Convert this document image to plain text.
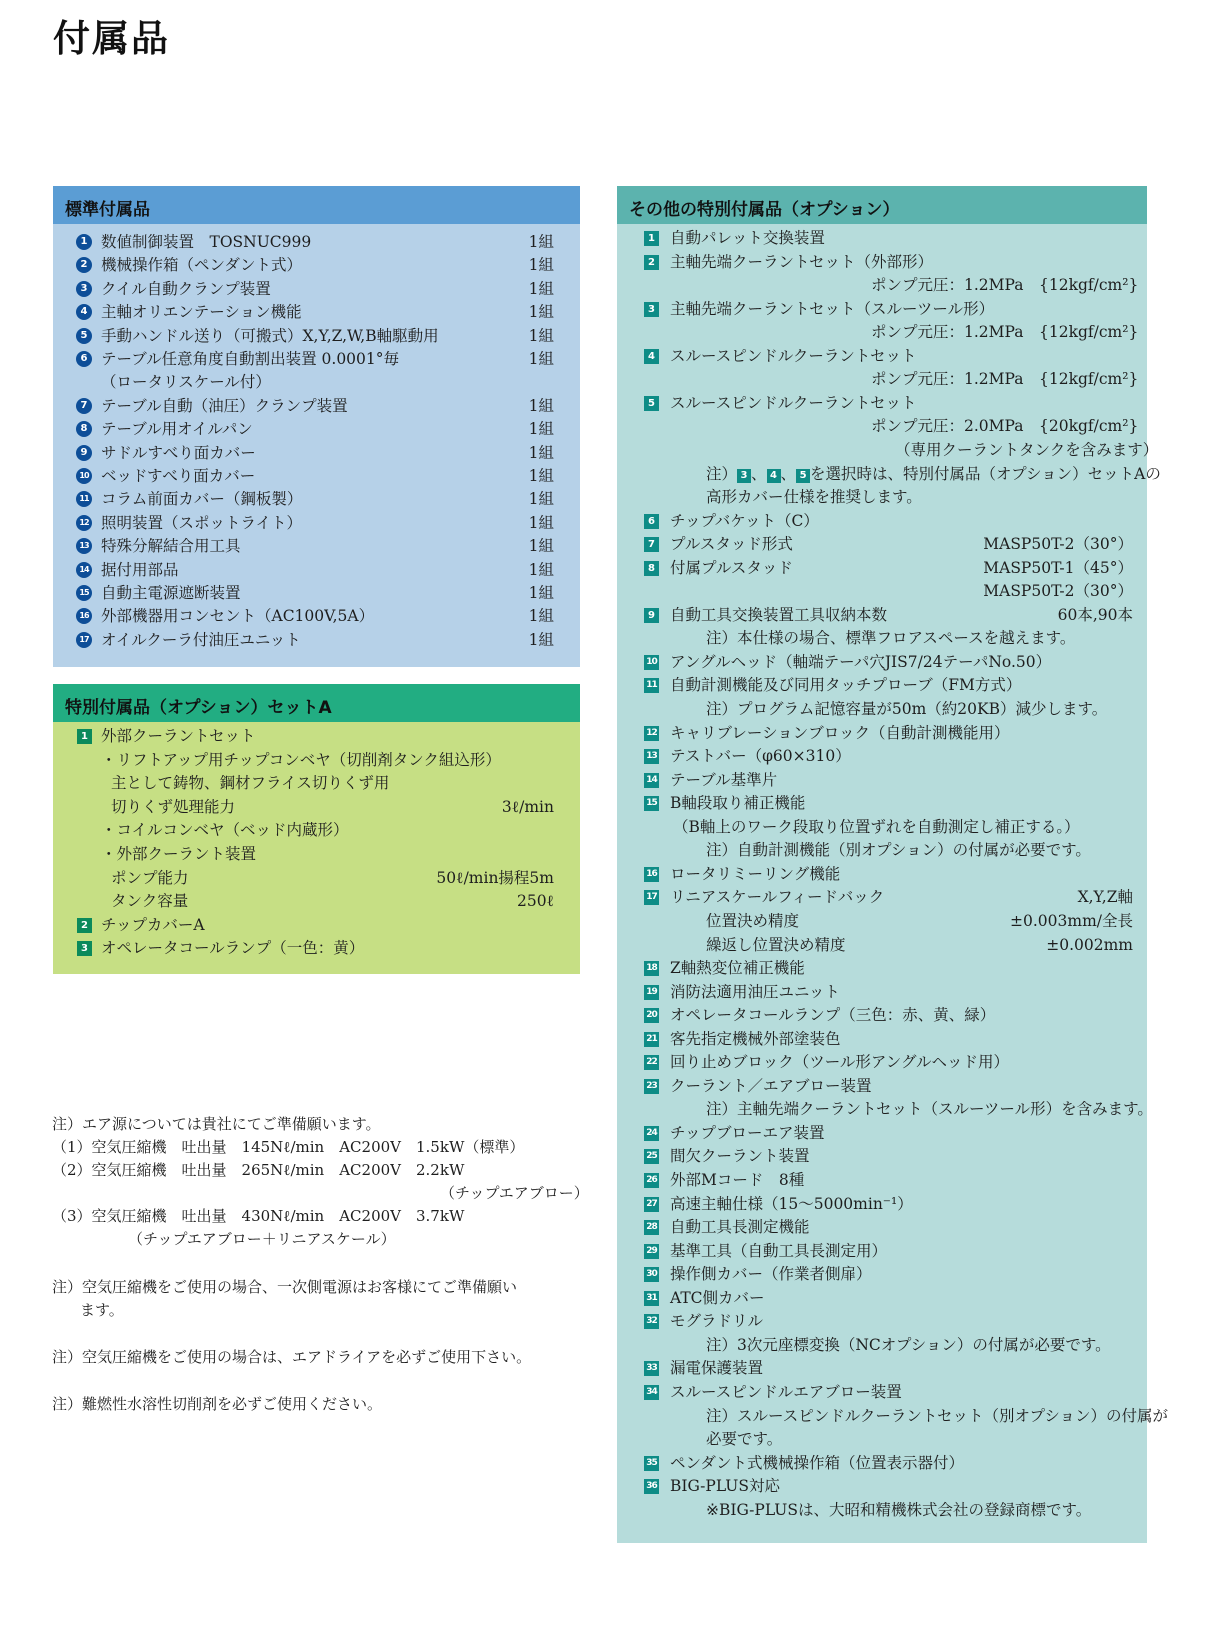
付属品
標準付属品
1 数値制御装置　TOSNUC999	1組
2 機械操作箱（ペンダント式）	1組
3 クイル自動クランプ装置	1組
4 主軸オリエンテーション機能	1組
5 手動ハンドル送り（可搬式）X,Y,Z,W,B軸駆動用	1組
6 テーブル任意角度自動割出装置 0.0001°毎	1組
（ロータリスケール付）
7 テーブル自動（油圧）クランプ装置	1組
8 テーブル用オイルパン	1組
9 サドルすべり面カバー	1組
10 ベッドすべり面カバー	1組
11 コラム前面カバー（鋼板製）	1組
12 照明装置（スポットライト）	1組
13 特殊分解結合用工具	1組
14 据付用部品	1組
15 自動主電源遮断装置	1組
16 外部機器用コンセント（AC100V,5A）	1組
17 オイルクーラ付油圧ユニット	1組
特別付属品（オプション）セットA
1 外部クーラントセット
・リフトアップ用チップコンベヤ（切削剤タンク組込形）
主として鋳物、鋼材フライス切りくず用
切りくず処理能力	3ℓ/min
・コイルコンベヤ（ベッド内蔵形）
・外部クーラント装置
ポンプ能力	50ℓ/min揚程5m
タンク容量	250ℓ
2 チップカバーA
3 オペレータコールランプ（一色：黄）
注）エア源については貴社にてご準備願います。
（1）空気圧縮機　吐出量　145Nℓ/min　AC200V　1.5kW（標準）
（2）空気圧縮機　吐出量　265Nℓ/min　AC200V　2.2kW
（チップエアブロー）
（3）空気圧縮機　吐出量　430Nℓ/min　AC200V　3.7kW
（チップエアブロー＋リニアスケール）
注）空気圧縮機をご使用の場合、一次側電源はお客様にてご準備願い
ます。
注）空気圧縮機をご使用の場合は、エアドライアを必ずご使用下さい。
注）難燃性水溶性切削剤を必ずご使用ください。
その他の特別付属品（オプション）
1 自動パレット交換装置
2 主軸先端クーラントセット（外部形）
ポンプ元圧：1.2MPa　{12kgf/cm²}
3 主軸先端クーラントセット（スルーツール形）
ポンプ元圧：1.2MPa　{12kgf/cm²}
4 スルースピンドルクーラントセット
ポンプ元圧：1.2MPa　{12kgf/cm²}
5 スルースピンドルクーラントセット
ポンプ元圧：2.0MPa　{20kgf/cm²}
（専用クーラントタンクを含みます）
注） 3 、 4 、 5 を選択時は、特別付属品（オプション）セットAの
高形カバー仕様を推奨します。
6 チップバケット（C）
7 プルスタッド形式	MASP50T-2（30°）
8 付属プルスタッド	MASP50T-1（45°）
MASP50T-2（30°）
9 自動工具交換装置工具収納本数	60本,90本
注）本仕様の場合、標準フロアスペースを越えます。
10 アングルヘッド（軸端テーパ穴JIS7/24テーパNo.50）
11 自動計測機能及び同用タッチプローブ（FM方式）
注）プログラム記憶容量が50m（約20KB）減少します。
12 キャリブレーションブロック（自動計測機能用）
13 テストバー（φ60×310）
14 テーブル基準片
15 B軸段取り補正機能
（B軸上のワーク段取り位置ずれを自動測定し補正する。）
注）自動計測機能（別オプション）の付属が必要です。
16 ロータリミーリング機能
17 リニアスケールフィードバック	X,Y,Z軸
位置決め精度	±0.003mm/全長
繰返し位置決め精度	±0.002mm
18 Z軸熱変位補正機能
19 消防法適用油圧ユニット
20 オペレータコールランプ（三色：赤、黄、緑）
21 客先指定機械外部塗装色
22 回り止めブロック（ツール形アングルヘッド用）
23 クーラント／エアブロー装置
注）主軸先端クーラントセット（スルーツール形）を含みます。
24 チップブローエア装置
25 間欠クーラント装置
26 外部Mコード　8種
27 高速主軸仕様（15〜5000min⁻¹）
28 自動工具長測定機能
29 基準工具（自動工具長測定用）
30 操作側カバー（作業者側扉）
31 ATC側カバー
32 モグラドリル
注）3次元座標変換（NCオプション）の付属が必要です。
33 漏電保護装置
34 スルースピンドルエアブロー装置
注）スルースピンドルクーラントセット（別オプション）の付属が
必要です。
35 ペンダント式機械操作箱（位置表示器付）
36 BIG-PLUS対応
※BIG-PLUSは、大昭和精機株式会社の登録商標です。
